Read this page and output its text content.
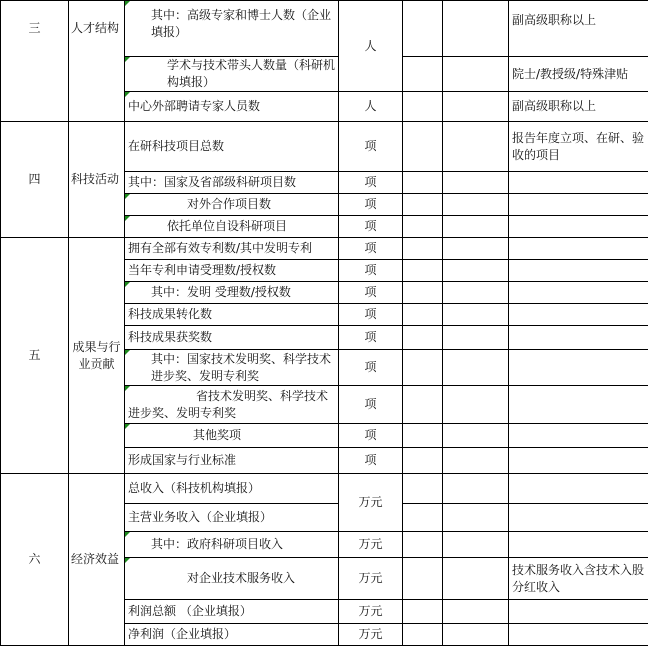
三	人才结构	其中：高级专家和博士人数（企业填报）	人			副高级职称以上
		学术与技术带头人数量（科研机构填报）				院士/教授级/特殊津贴
		中心外部聘请专家人员数	人			副高级职称以上
四	科技活动	在研科技项目总数	项			报告年度立项、在研、验收的项目
		其中：国家及省部级科研项目数	项			
		对外合作项目数	项			
		依托单位自设科研项目	项			
五	成果与行业贡献	拥有全部有效专利数/其中发明专利	项			
		当年专利申请受理数/授权数	项			
		其中：发明 受理数/授权数	项			
		科技成果转化数	项			
		科技成果获奖数	项			
		其中：国家技术发明奖、科学技术进步奖、发明专利奖	项			
		省技术发明奖、科学技术进步奖、发明专利奖	项			
		其他奖项	项			
		形成国家与行业标准	项			
六	经济效益	总收入（科技机构填报）	万元			
		主营业务收入（企业填报）				
		其中：政府科研项目收入	万元			
		对企业技术服务收入	万元			技术服务收入含技术入股分红收入
		利润总额 （企业填报）	万元			
		净利润（企业填报）	万元			
